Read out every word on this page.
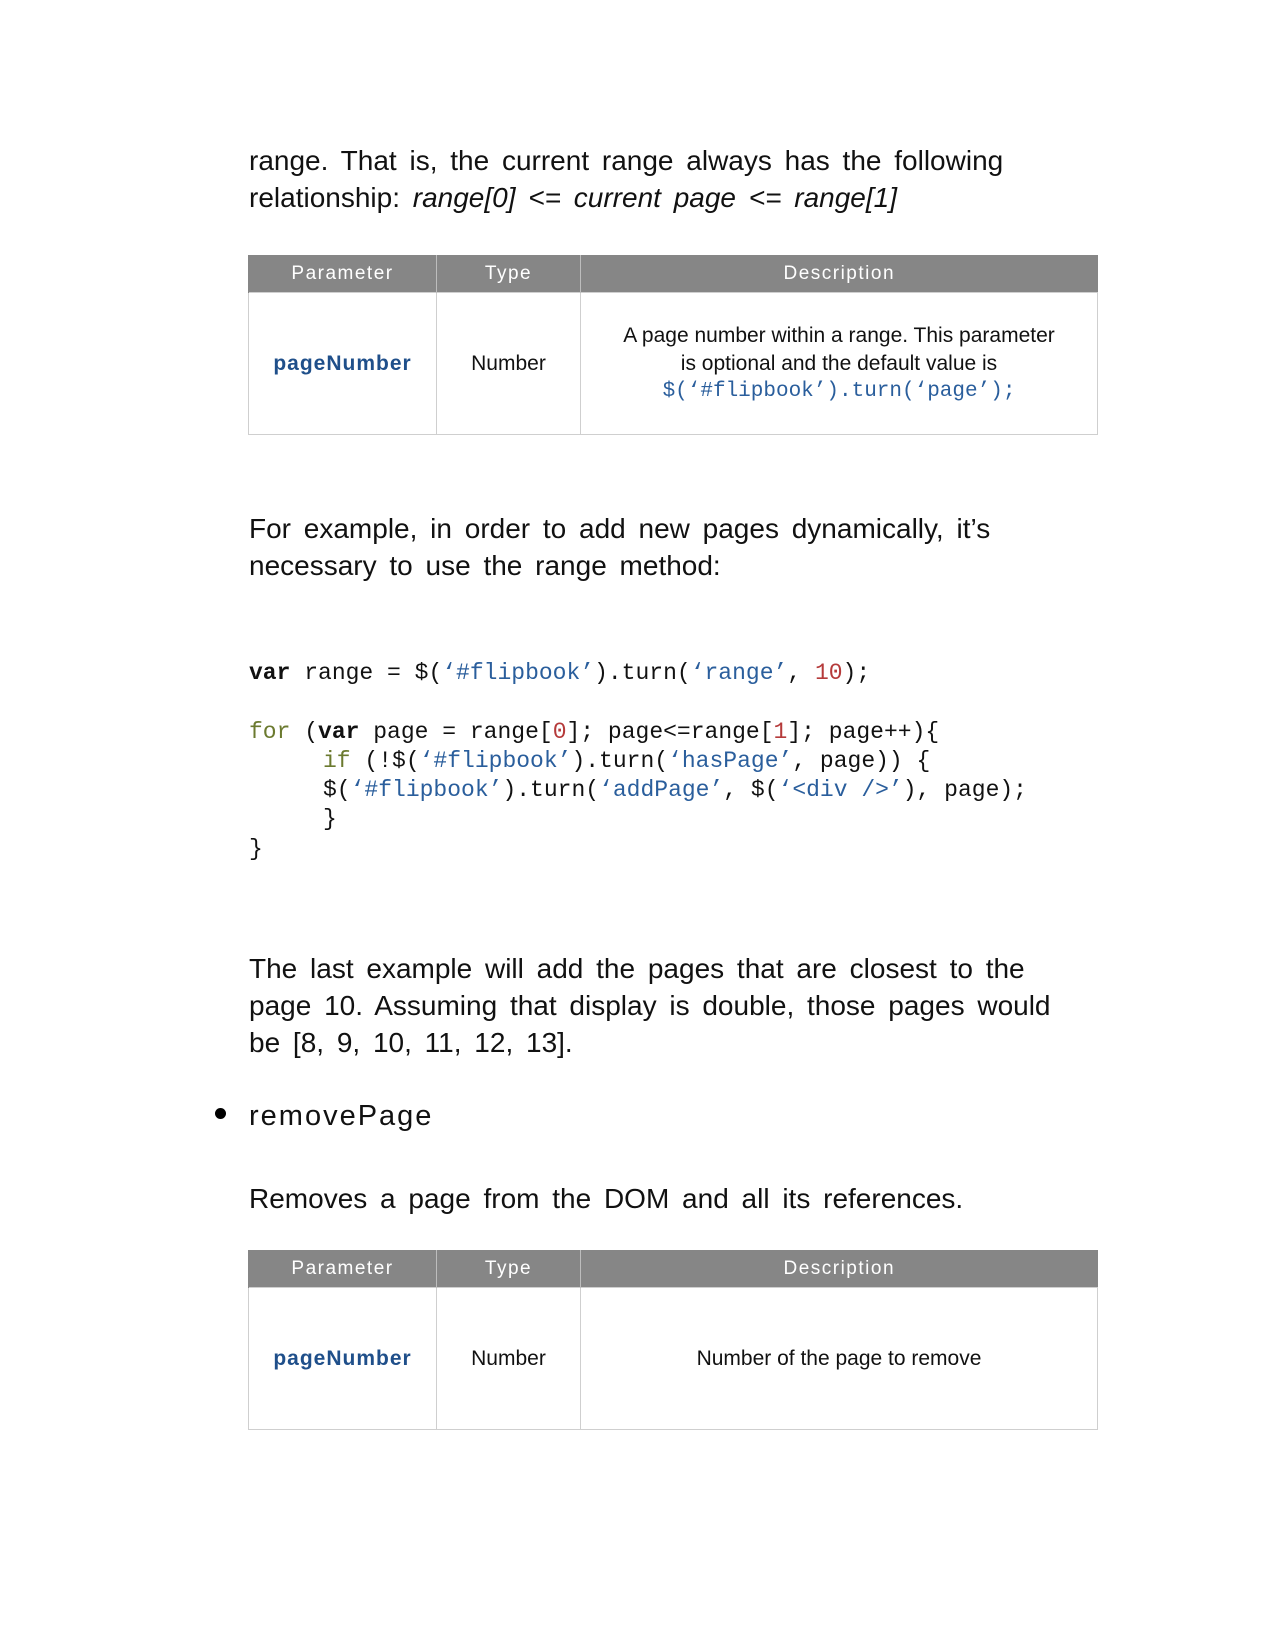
range. That is, the current range always has the following relationship: range[0] <= current page <= range[1]

Parameter	Type	Description
pageNumber	Number	A page number within a range. This parameter
is optional and the default value is
$(‘#flipbook’).turn(‘page’);

For example, in order to add new pages dynamically, it’s necessary to use the range method:

var range = $(‘#flipbook’).turn(‘range’, 10);
for (var page = range[0]; page<=range[1]; page++){
if (!$(‘#flipbook’).turn(‘hasPage’, page)) {
$(‘#flipbook’).turn(‘addPage’, $(‘<div />’), page);
}
}

The last example will add the pages that are closest to the page 10. Assuming that display is double, those pages would be [8, 9, 10, 11, 12, 13].

removePage

Removes a page from the DOM and all its references.

Parameter	Type	Description
pageNumber	Number	Number of the page to remove
